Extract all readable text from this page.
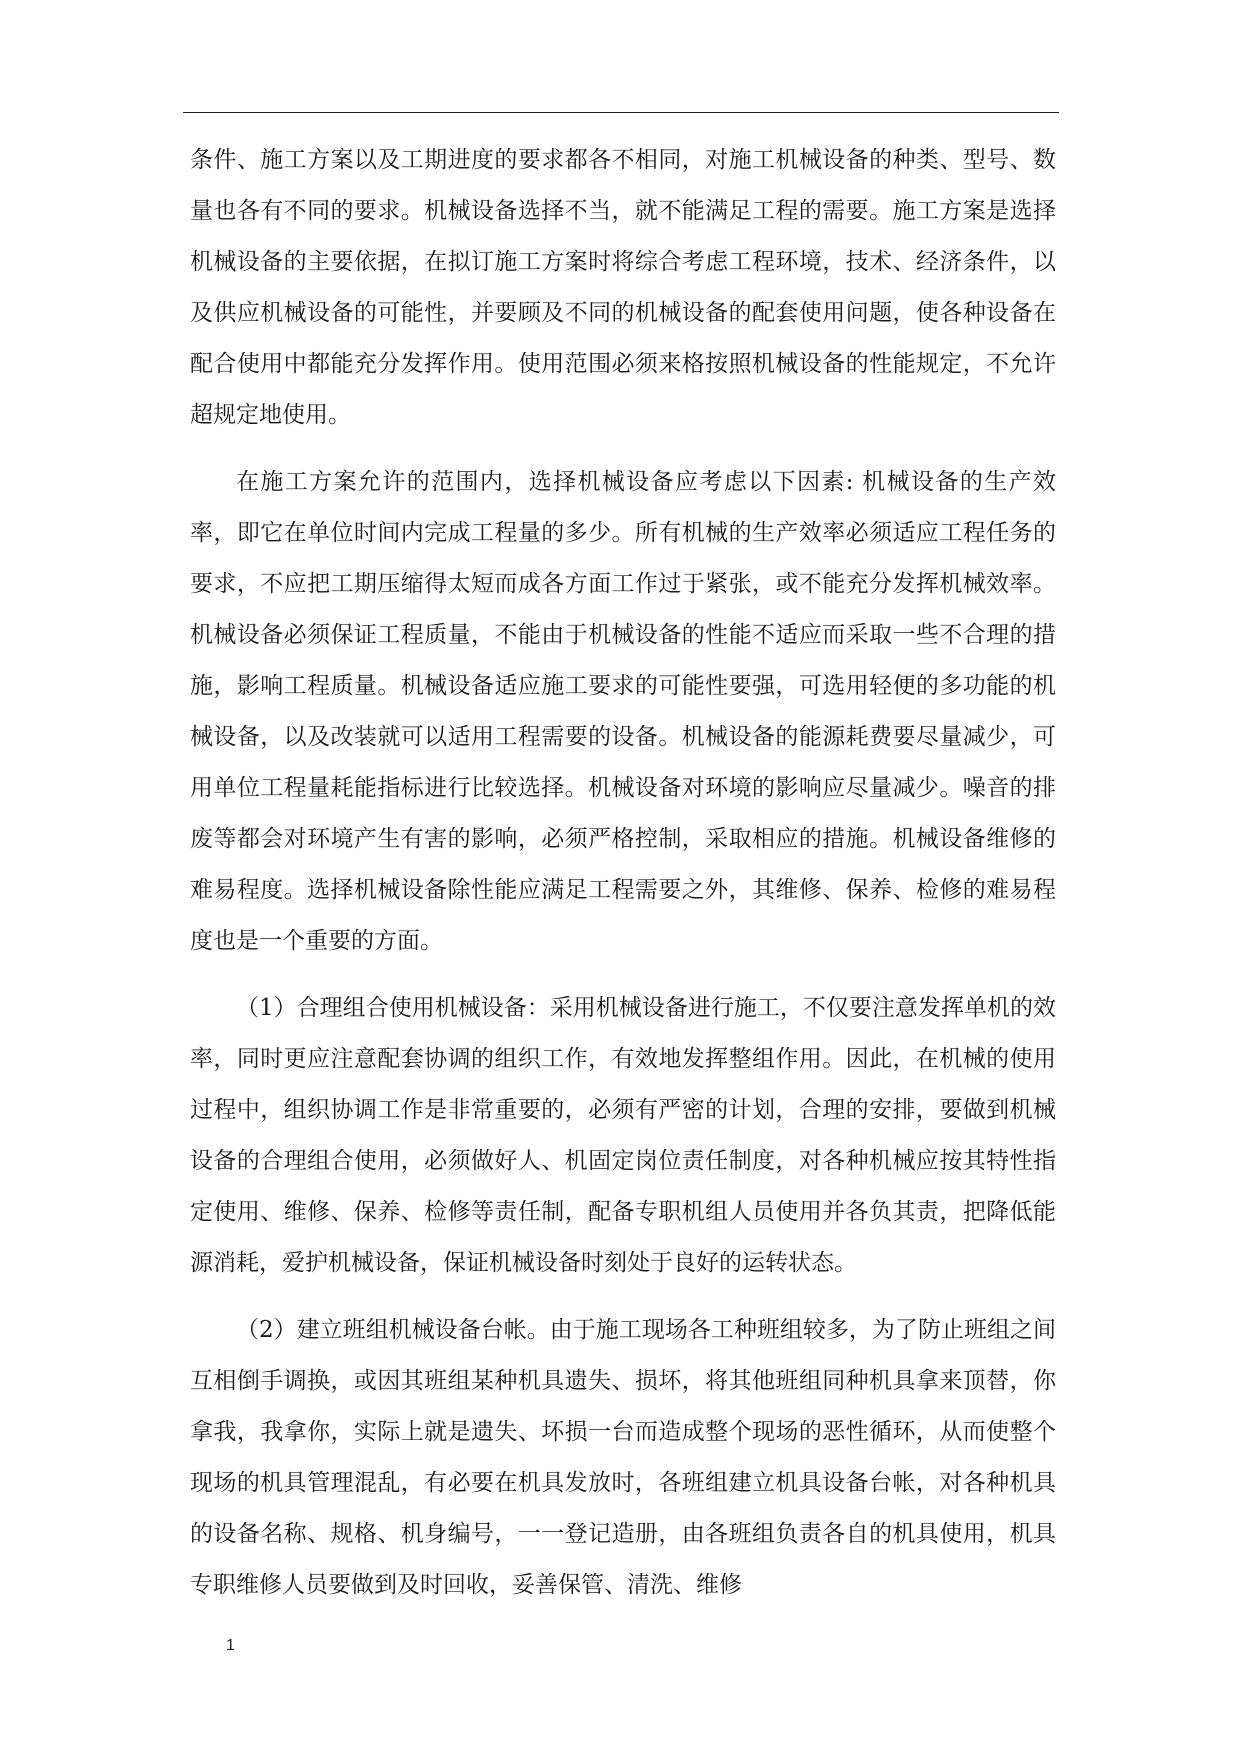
条件、施工方案以及工期进度的要求都各不相同，对施工机械设备的种类、型号、数量也各有不同的要求。机械设备选择不当，就不能满足工程的需要。施工方案是选择机械设备的主要依据，在拟订施工方案时将综合考虑工程环境，技术、经济条件，以及供应机械设备的可能性，并要顾及不同的机械设备的配套使用问题，使各种设备在配合使用中都能充分发挥作用。使用范围必须来格按照机械设备的性能规定，不允许超规定地使用。

在施工方案允许的范围内，选择机械设备应考虑以下因素: 机械设备的生产效率，即它在单位时间内完成工程量的多少。所有机械的生产效率必须适应工程任务的要求，不应把工期压缩得太短而成各方面工作过于紧张，或不能充分发挥机械效率。机械设备必须保证工程质量，不能由于机械设备的性能不适应而采取一些不合理的措施，影响工程质量。机械设备适应施工要求的可能性要强，可选用轻便的多功能的机械设备，以及改装就可以适用工程需要的设备。机械设备的能源耗费要尽量减少，可用单位工程量耗能指标进行比较选择。机械设备对环境的影响应尽量减少。噪音的排废等都会对环境产生有害的影响，必须严格控制，采取相应的措施。机械设备维修的难易程度。选择机械设备除性能应满足工程需要之外，其维修、保养、检修的难易程度也是一个重要的方面。

（1）合理组合使用机械设备：采用机械设备进行施工，不仅要注意发挥单机的效率，同时更应注意配套协调的组织工作，有效地发挥整组作用。因此，在机械的使用过程中，组织协调工作是非常重要的，必须有严密的计划，合理的安排，要做到机械设备的合理组合使用，必须做好人、机固定岗位责任制度，对各种机械应按其特性指定使用、维修、保养、检修等责任制，配备专职机组人员使用并各负其责，把降低能源消耗，爱护机械设备，保证机械设备时刻处于良好的运转状态。

（2）建立班组机械设备台帐。由于施工现场各工种班组较多，为了防止班组之间互相倒手调换，或因其班组某种机具遗失、损坏，将其他班组同种机具拿来顶替，你拿我，我拿你，实际上就是遗失、坏损一台而造成整个现场的恶性循环，从而使整个现场的机具管理混乱，有必要在机具发放时，各班组建立机具设备台帐，对各种机具的设备名称、规格、机身编号，一一登记造册，由各班组负责各自的机具使用，机具专职维修人员要做到及时回收，妥善保管、清洗、维修

1
